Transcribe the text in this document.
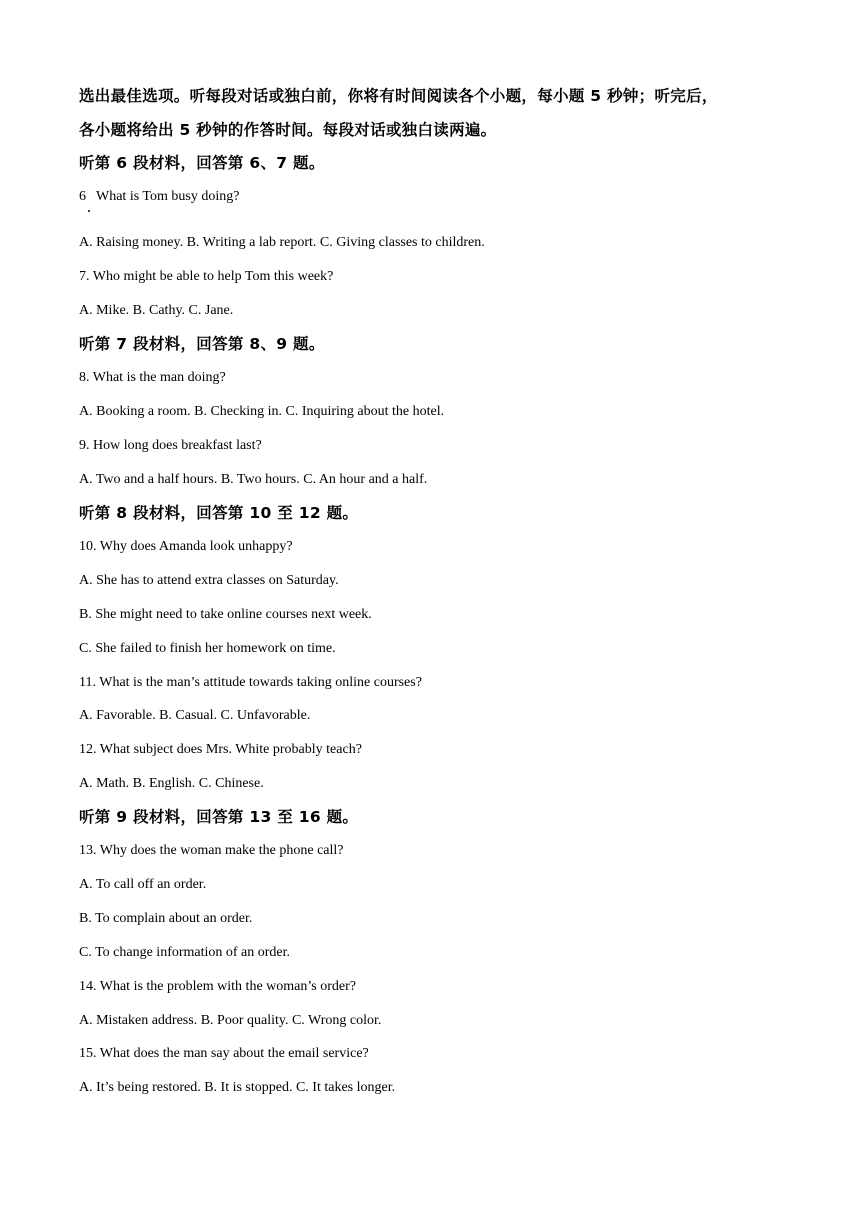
选出最佳选项。听每段对话或独白前，你将有时间阅读各个小题，每小题 5 秒钟；听完后，
各小题将给出 5 秒钟的作答时间。每段对话或独白读两遍。
听第 6 段材料，回答第 6、7 题。
6 What is Tom busy doing?
A. Raising money. B. Writing a lab report. C. Giving classes to children.
7. Who might be able to help Tom this week?
A. Mike. B. Cathy. C. Jane.
听第 7 段材料，回答第 8、9 题。
8. What is the man doing?
A. Booking a room. B. Checking in. C. Inquiring about the hotel.
9. How long does breakfast last?
A. Two and a half hours. B. Two hours. C. An hour and a half.
听第 8 段材料，回答第 10 至 12 题。
10. Why does Amanda look unhappy?
A. She has to attend extra classes on Saturday.
B. She might need to take online courses next week.
C. She failed to finish her homework on time.
11. What is the man’s attitude towards taking online courses?
A. Favorable. B. Casual. C. Unfavorable.
12. What subject does Mrs. White probably teach?
A. Math. B. English. C. Chinese.
听第 9 段材料，回答第 13 至 16 题。
13. Why does the woman make the phone call?
A. To call off an order.
B. To complain about an order.
C. To change information of an order.
14. What is the problem with the woman’s order?
A. Mistaken address. B. Poor quality. C. Wrong color.
15. What does the man say about the email service?
A. It’s being restored. B. It is stopped. C. It takes longer.
